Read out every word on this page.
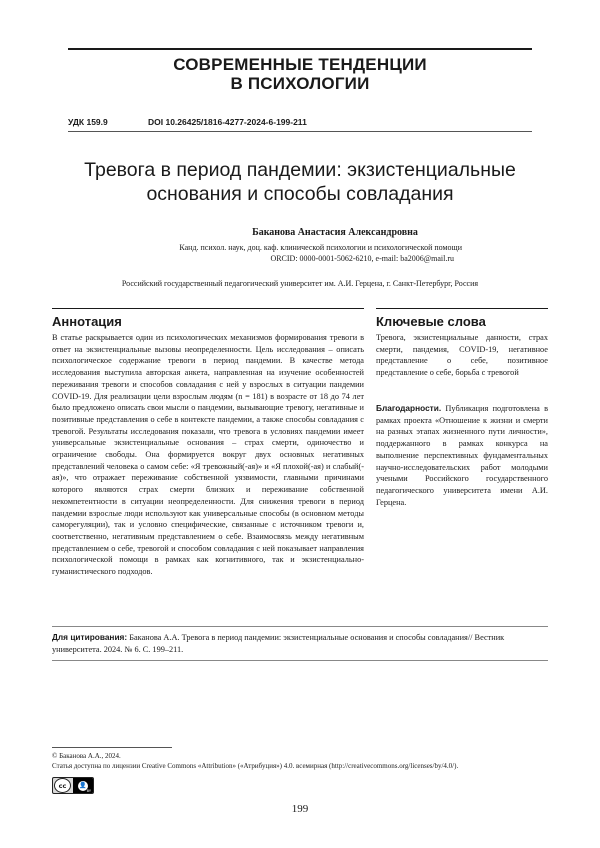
СОВРЕМЕННЫЕ ТЕНДЕНЦИИ
В ПСИХОЛОГИИ
УДК 159.9	DOI 10.26425/1816-4277-2024-6-199-211
Тревога в период пандемии: экзистенциальные
основания и способы совладания
Баканова Анастасия Александровна
Канд. психол. наук, доц. каф. клинической психологии и психологической помощи
ORCID: 0000-0001-5062-6210, e-mail: ba2006@mail.ru
Российский государственный педагогический университет им. А.И. Герцена, г. Санкт-Петербург, Россия
Аннотация	Ключевые слова
В статье раскрывается один из психологических механизмов формирования тревоги в ответ на экзистенциальные вызовы неопределенности. Цель исследования – описать психологическое содержание тревоги в период пандемии. В качестве метода исследования выступила авторская анкета, направленная на изучение особенностей переживания тревоги и способов совладания с ней у взрослых в ситуации пандемии COVID-19. Для реализации цели взрослым людям (n = 181) в возрасте от 18 до 74 лет было предложено описать свои мысли о пандемии, вызывающие тревогу, негативные и позитивные представления о себе в контексте пандемии, а также способы совладания с тревогой. Результаты исследования показали, что тревога в условиях пандемии имеет универсальные экзистенциальные основания – страх смерти, одиночество и ограничение свободы. Она формируется вокруг двух основных негативных представлений человека о самом себе: «Я тревожный(-ая)» и «Я плохой(-ая) и слабый(-ая)», что отражает переживание собственной уязвимости, главными причинами которого являются страх смерти близких и переживание собственной некомпетентности в ситуации неопределенности. Для снижения тревоги в период пандемии взрослые люди используют как универсальные способы (в основном методы саморегуляции), так и условно специфические, связанные с источником тревоги и, соответственно, негативным представлением о себе. Взаимосвязь между негативным представлением о себе, тревогой и способом совладания с ней показывает направления психологической помощи в рамках как когнитивного, так и экзистенциально-гуманистического подходов.
Тревога, экзистенциальные данности, страх смерти, пандемия, COVID-19, негативное представление о себе, позитивное представление о себе, борьба с тревогой
Благодарности. Публикация подготовлена в рамках проекта «Отношение к жизни и смерти на разных этапах жизненного пути личности», поддержанного в рамках конкурса на выполнение перспективных фундаментальных научно-исследовательских работ молодыми учеными Российского государственного педагогического университета имени А.И. Герцена.
Для цитирования: Баканова А.А. Тревога в период пандемии: экзистенциальные основания и способы совладания// Вестник университета. 2024. № 6. С. 199–211.
© Баканова А.А., 2024.
Статья доступна по лицензии Creative Commons «Attribution» («Атрибуция») 4.0. всемирная (http://creativecommons.org/licenses/by/4.0/).
cc	👤
BY
199
